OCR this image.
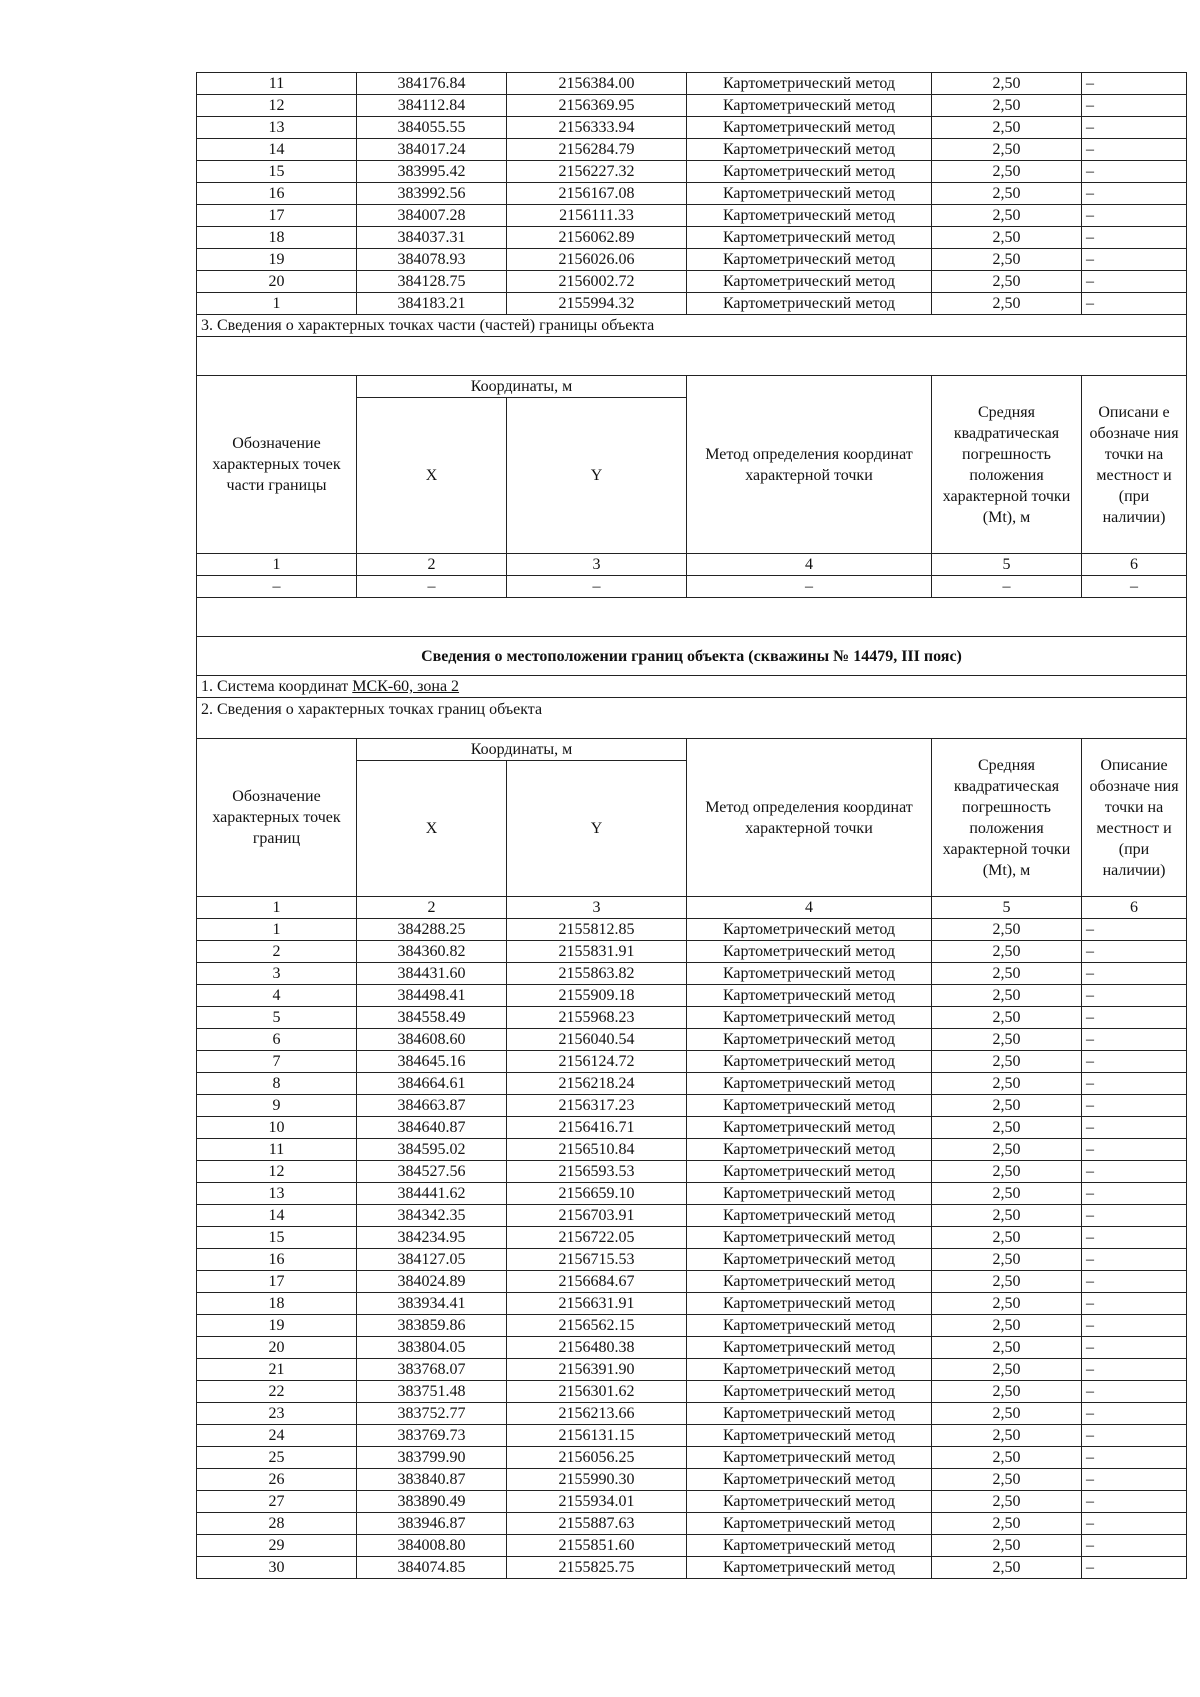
11	384176.84	2156384.00	Картометрический метод	2,50	–
12	384112.84	2156369.95	Картометрический метод	2,50	–
13	384055.55	2156333.94	Картометрический метод	2,50	–
14	384017.24	2156284.79	Картометрический метод	2,50	–
15	383995.42	2156227.32	Картометрический метод	2,50	–
16	383992.56	2156167.08	Картометрический метод	2,50	–
17	384007.28	2156111.33	Картометрический метод	2,50	–
18	384037.31	2156062.89	Картометрический метод	2,50	–
19	384078.93	2156026.06	Картометрический метод	2,50	–
20	384128.75	2156002.72	Картометрический метод	2,50	–
1	384183.21	2155994.32	Картометрический метод	2,50	–
3. Сведения о характерных точках части (частей) границы объекта					

Обозначение характерных точек части границы	Координаты, м		Метод определения координат характерной точки	Средняя квадратическая погрешность положения характерной точки (Mt), м	Описани е обозначе ния точки на местност и (при наличии)
	X	Y			
1	2	3	4	5	6
–	–	–	–	–	–

Сведения о местоположении границ объекта (скважины № 14479, III пояс)					
1. Система координат МСК-60, зона 2					
2. Сведения о характерных точках границ объекта					
Обозначение характерных точек границ	Координаты, м		Метод определения координат характерной точки	Средняя квадратическая погрешность положения характерной точки (Mt), м	Описание обозначе ния точки на местност и (при наличии)
	X	Y			
1	2	3	4	5	6
1	384288.25	2155812.85	Картометрический метод	2,50	–
2	384360.82	2155831.91	Картометрический метод	2,50	–
3	384431.60	2155863.82	Картометрический метод	2,50	–
4	384498.41	2155909.18	Картометрический метод	2,50	–
5	384558.49	2155968.23	Картометрический метод	2,50	–
6	384608.60	2156040.54	Картометрический метод	2,50	–
7	384645.16	2156124.72	Картометрический метод	2,50	–
8	384664.61	2156218.24	Картометрический метод	2,50	–
9	384663.87	2156317.23	Картометрический метод	2,50	–
10	384640.87	2156416.71	Картометрический метод	2,50	–
11	384595.02	2156510.84	Картометрический метод	2,50	–
12	384527.56	2156593.53	Картометрический метод	2,50	–
13	384441.62	2156659.10	Картометрический метод	2,50	–
14	384342.35	2156703.91	Картометрический метод	2,50	–
15	384234.95	2156722.05	Картометрический метод	2,50	–
16	384127.05	2156715.53	Картометрический метод	2,50	–
17	384024.89	2156684.67	Картометрический метод	2,50	–
18	383934.41	2156631.91	Картометрический метод	2,50	–
19	383859.86	2156562.15	Картометрический метод	2,50	–
20	383804.05	2156480.38	Картометрический метод	2,50	–
21	383768.07	2156391.90	Картометрический метод	2,50	–
22	383751.48	2156301.62	Картометрический метод	2,50	–
23	383752.77	2156213.66	Картометрический метод	2,50	–
24	383769.73	2156131.15	Картометрический метод	2,50	–
25	383799.90	2156056.25	Картометрический метод	2,50	–
26	383840.87	2155990.30	Картометрический метод	2,50	–
27	383890.49	2155934.01	Картометрический метод	2,50	–
28	383946.87	2155887.63	Картометрический метод	2,50	–
29	384008.80	2155851.60	Картометрический метод	2,50	–
30	384074.85	2155825.75	Картометрический метод	2,50	–
